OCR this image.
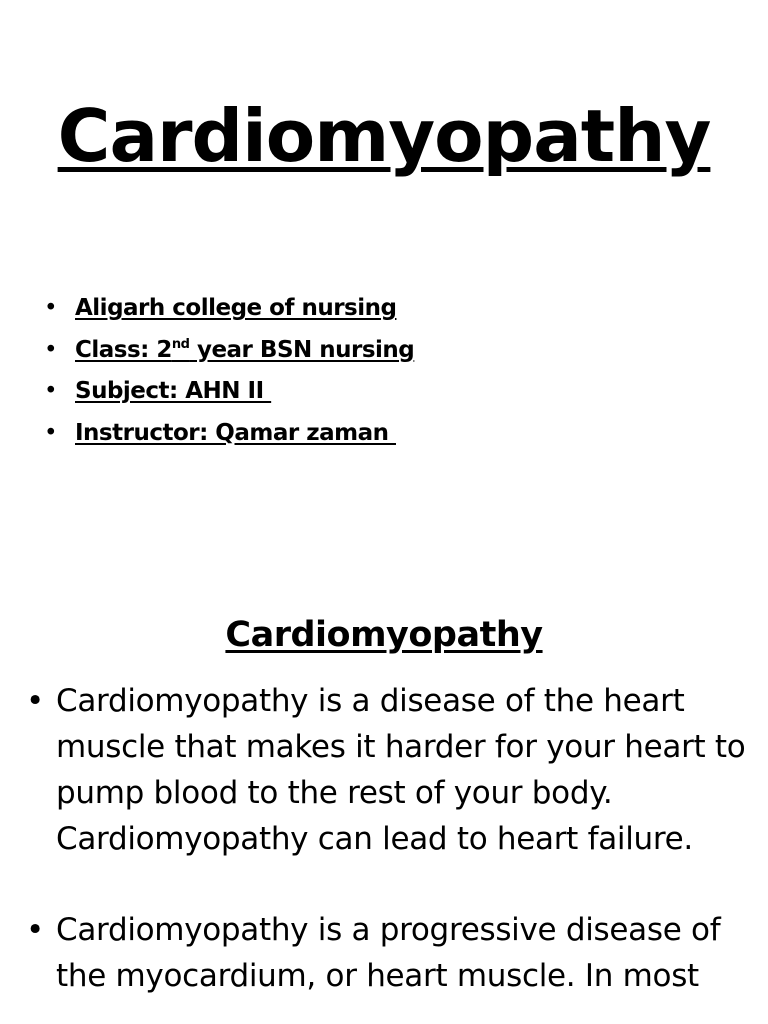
Cardiomyopathy
• Aligarh college of nursing
• Class: 2nd year BSN nursing
• Subject: AHN II
• Instructor: Qamar zaman
Cardiomyopathy
• Cardiomyopathy is a disease of the heart muscle that makes it harder for your heart to pump blood to the rest of your body. Cardiomyopathy can lead to heart failure.
• Cardiomyopathy is a progressive disease of the myocardium, or heart muscle. In most
